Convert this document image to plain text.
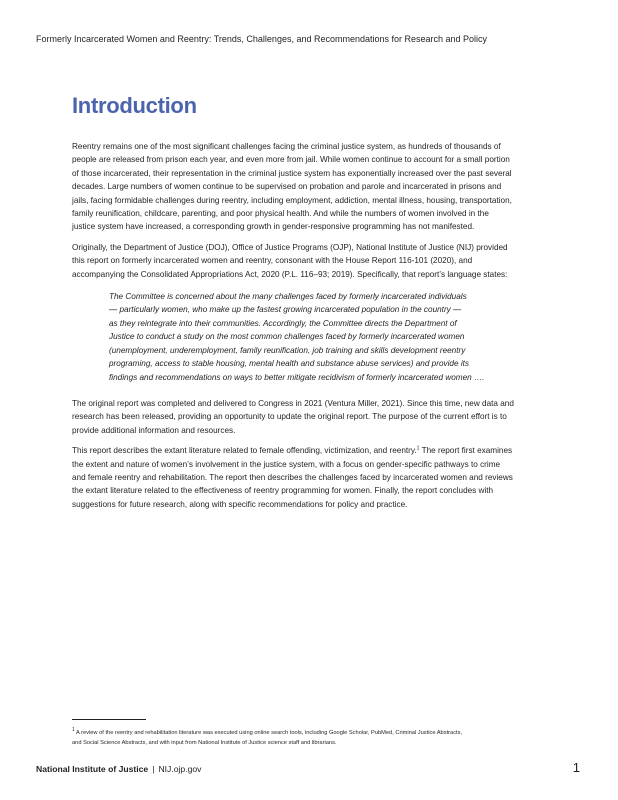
Formerly Incarcerated Women and Reentry: Trends, Challenges, and Recommendations for Research and Policy
Introduction

Reentry remains one of the most significant challenges facing the criminal justice system, as hundreds of thousands of
people are released from prison each year, and even more from jail. While women continue to account for a small portion
of those incarcerated, their representation in the criminal justice system has exponentially increased over the past several
decades. Large numbers of women continue to be supervised on probation and parole and incarcerated in prisons and
jails, facing formidable challenges during reentry, including employment, addiction, mental illness, housing, transportation,
family reunification, childcare, parenting, and poor physical health. And while the numbers of women involved in the
justice system have increased, a corresponding growth in gender-responsive programming has not manifested.

Originally, the Department of Justice (DOJ), Office of Justice Programs (OJP), National Institute of Justice (NIJ) provided
this report on formerly incarcerated women and reentry, consonant with the House Report 116-101 (2020), and
accompanying the Consolidated Appropriations Act, 2020 (P.L. 116–93; 2019). Specifically, that report’s language states:

The Committee is concerned about the many challenges faced by formerly incarcerated individuals
— particularly women, who make up the fastest growing incarcerated population in the country —
as they reintegrate into their communities. Accordingly, the Committee directs the Department of
Justice to conduct a study on the most common challenges faced by formerly incarcerated women
(unemployment, underemployment, family reunification, job training and skills development reentry
programing, access to stable housing, mental health and substance abuse services) and provide its
findings and recommendations on ways to better mitigate recidivism of formerly incarcerated women ….

The original report was completed and delivered to Congress in 2021 (Ventura Miller, 2021). Since this time, new data and
research has been released, providing an opportunity to update the original report. The purpose of the current effort is to
provide additional information and resources.

This report describes the extant literature related to female offending, victimization, and reentry.$^1$ The report first examines
the extent and nature of women’s involvement in the justice system, with a focus on gender-specific pathways to crime
and female reentry and rehabilitation. The report then describes the challenges faced by incarcerated women and reviews
the extant literature related to the effectiveness of reentry programming for women. Finally, the report concludes with
suggestions for future research, along with specific recommendations for policy and practice.

$^1$ A review of the reentry and rehabilitation literature was executed using online search tools, including Google Scholar, PubMed, Criminal Justice Abstracts,
and Social Science Abstracts, and with input from National Institute of Justice science staff and librarians.
National Institute of Justice | NIJ.ojp.gov	1
